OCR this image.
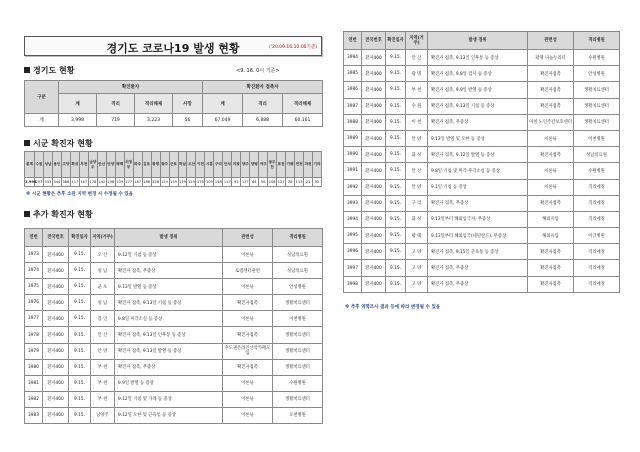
경기도 코로나19 발생 현황	('20.09.16.10:00기준)
경기도 현황	<9. 16. 0시 기준>
구분	확진환자				확진환자 접촉자		
	계	격리	격리해제	사망	계	격리	격리해제
계	3,998	719	3,223	56	67,049	6,888	60,161
시군 확진자 현황
총계	수원	성남	용인	고양	화성	부천	남양주	안산	안양	평택	의정부	파주	김포	광명	광주	군포	하남	오산	이천	시흥	구리	안성	의왕	양주	양평	여주	동두천	포천	가평	연천	과천	기타
3,998	253	333	344	388	117	167	178	142	198	109	177	187	186	128	119	159	179	129	176	105	148	117	92	127	64	56	108	127	28	113	21	92
※ 시군 현황은 추후 소관 지역 변경 시 수정될 수 있음
추가 확진자 현황
연번	전국번호	확진일자	지역(거주)	발생 경위	관련성	격리병원
3973	환자400	9.15.	오 산	9.12일 기침 등 증상	이론류	성남의료원
3974	환자400	9.15.	성 남	확진자 접촉, 무증상	로뎀센터관련	성남의료원
3975	환자400	9.15.	군 포	9.13일 발열 등 증상	이론류	안성병원
3976	환자400	9.15.	성 남	확진자 접촉, 9.13일 기침 등 증상	확진자접촉	생활치료센터
3977	환자400	9.15.	용 인	9.8일 미각소실 등 증상	이론류	이천병원
3978	환자400	9.15.	안 산	확진자 접촉, 9.13일 인후통 등 증상	확진자접촉	생활치료센터
3979	환자400	9.15.	안 양	확진자 접촉, 9.13일 발열 등 증상	수도권온라인산악카페모임	생활치료센터
3980	환자400	9.15.	부 천	확진자 접촉, 무증상	확진자접촉	생활치료센터
3981	환자400	9.15.	부 천	9.9일 발열 등 증상	이론류	수원병원
3982	환자400	9.15.	부 천	9.12일 기침 및 가래 등 증상	이론류	생활치료센터
3983	환자400	9.15.	남양주	9.12일 오한 및 근육통 등 증상	이론류	포천병원
연번	전국번호	확진일자	지역(거주)	발생 경위	관련성	격리병원
3984	환자400	9.15.	안 산	확진자 접촉, 9.13일 인후통 등 증상	광명 나눔누리터	수원병원
3985	환자400	9.15.	광 명	확진자 접촉, 9.8일 검사 등 증상	확진자접촉	안성병원
3986	환자400	9.15.	부 천	확진자 접촉, 9.9일 발열 등 증상	확진자접촉	생활치료센터
3987	환자400	9.15.	수 원	확진자 접촉, 9.13일 기침 등 증상	확진자접촉	생활치료센터
3988	환자400	9.15.	이 천	확진자 접촉, 무증상	이천 노인주간보호센터	생활치료센터
3989	환자400	9.15.	안 양	9.13일 발열 및 오한 등 증상	이론류	이천병원
3990	환자400	9.15.	화 성	확진자 접촉, 9.12일 발열 등 증상	확진자접촉	성남의료원
3991	환자400	9.15.	안 산	9.8일 기침 및 미각·후각소실 등 증상	이론류	수원병원
3992	환자400	9.15.	안 양	9.1일 기침 등 증상	이론류	격리예정
3993	환자400	9.15.	구 리	확진자 접촉, 무증상	확진자접촉	격리예정
3994	환자400	9.15.	화 성	9.13일부터 해외입국자, 무증상	해외유입	격리예정
3995	환자400	9.15.	평 택	9.13일부터 해외입국(네덜란드), 무증상	해외유입	이글병원
3996	환자400	9.15.	고 양	확진자 접촉, 9.15일 근육통 등 증상	확진자접촉	격리예정
3997	환자400	9.15.	고 양	확진자 접촉, 무증상	확진자접촉	격리예정
3998	환자400	9.15.	고 양	확진자 접촉, 무증상	확진자접촉	격리예정
※ 추후 역학조사 결과 등에 따라 변경될 수 있음
